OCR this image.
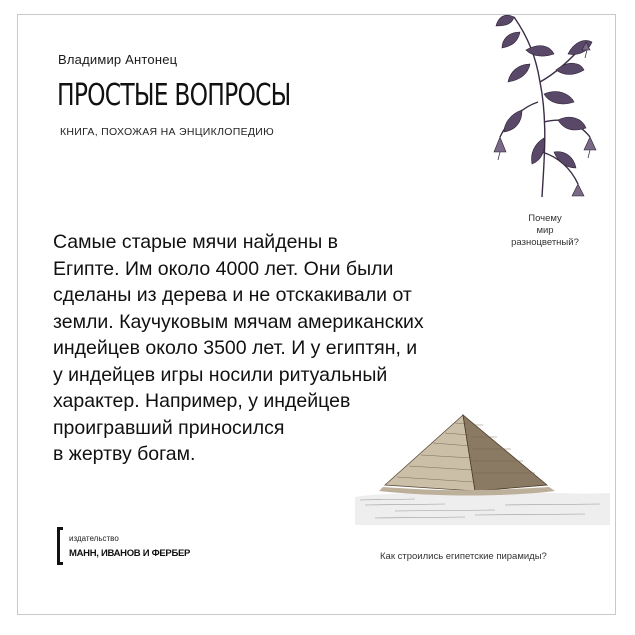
Владимир Антонец
ПРОСТЫЕ ВОПРОСЫ
КНИГА, ПОХОЖАЯ НА ЭНЦИКЛОПЕДИЮ
Почему
мир
разноцветный?
Самые старые мячи найдены в
Египте. Им около 4000 лет. Они были
сделаны из дерева и не отскакивали от
земли. Каучуковым мячам американских
индейцев около 3500 лет. И у египтян, и
у индейцев игры носили ритуальный
характер. Например, у индейцев
проигравший приносился
в жертву богам.
Как строились египетские пирамиды?
издательство
МАНН, ИВАНОВ И ФЕРБЕР
